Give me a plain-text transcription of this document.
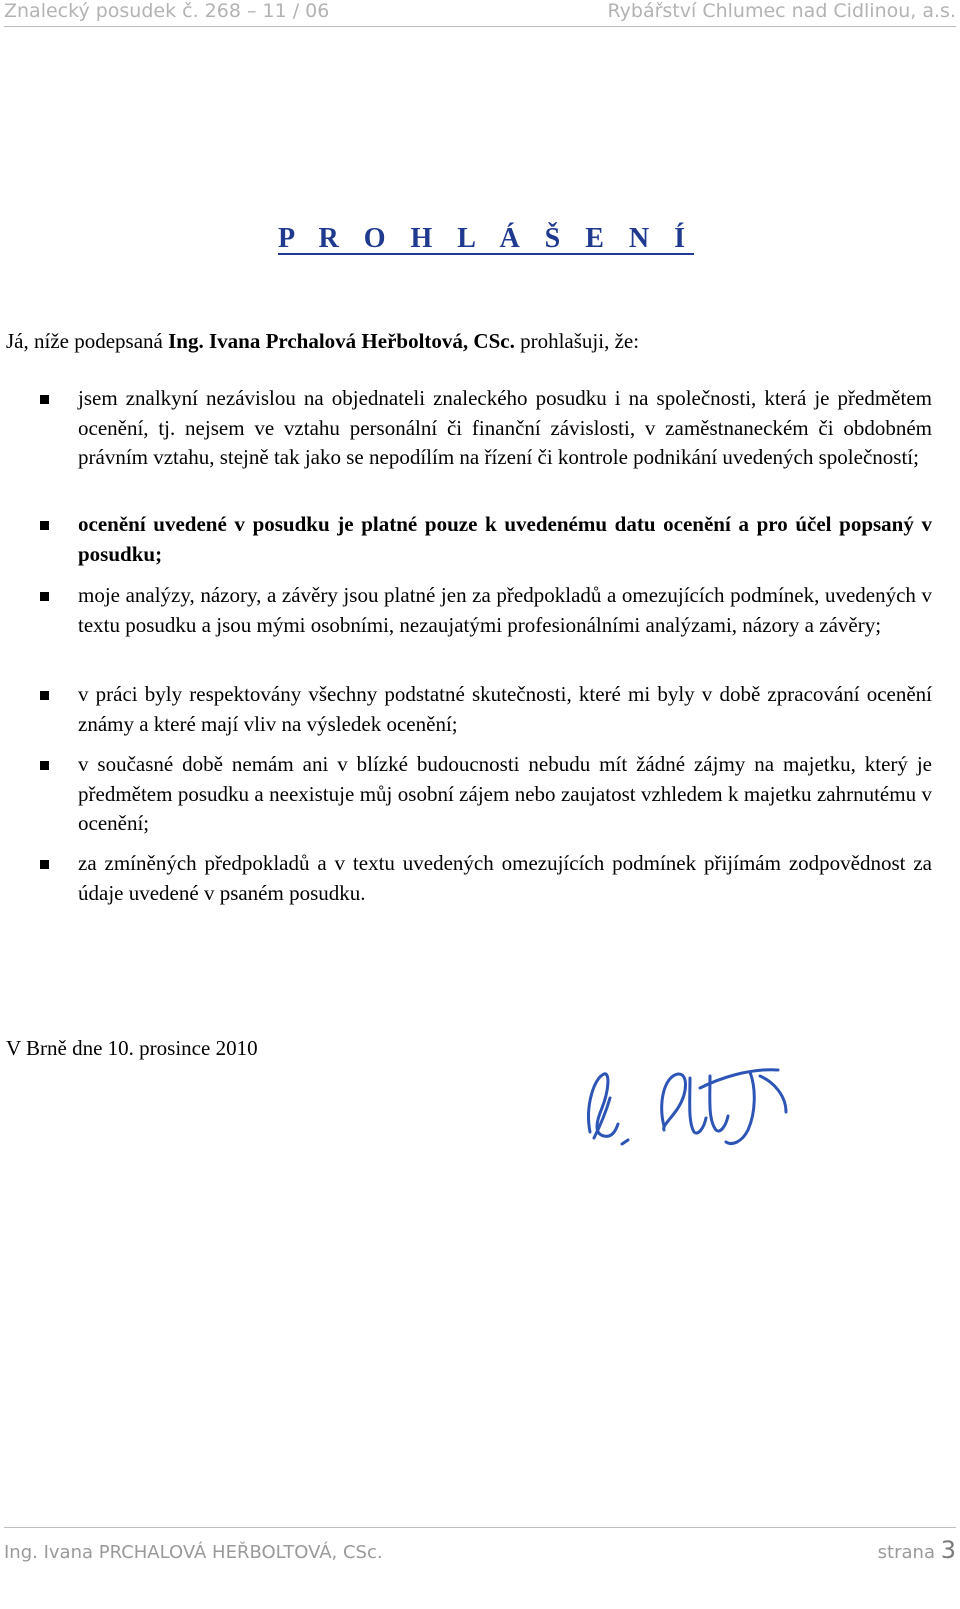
Znalecký posudek č. 268 – 11 / 06	Rybářství Chlumec nad Cidlinou, a.s.
P R O H L Á Š E N Í
Já, níže podepsaná Ing. Ivana Prchalová Heřboltová, CSc. prohlašuji, že:
jsem znalkyní nezávislou na objednateli znaleckého posudku i na společnosti, která je předmětem ocenění, tj. nejsem ve vztahu personální či finanční závislosti, v zaměstnaneckém či obdobném právním vztahu, stejně tak jako se nepodílím na řízení či kontrole podnikání uvedených společností;
ocenění uvedené v posudku je platné pouze k uvedenému datu ocenění a pro účel popsaný v posudku;
moje analýzy, názory, a závěry jsou platné jen za předpokladů a omezujících podmínek, uvedených v textu posudku a jsou mými osobními, nezaujatými profesionálními analýzami, názory a závěry;
v práci byly respektovány všechny podstatné skutečnosti, které mi byly v době zpracování ocenění známy a které mají vliv na výsledek ocenění;
v současné době nemám ani v blízké budoucnosti nebudu mít žádné zájmy na majetku, který je předmětem posudku a neexistuje můj osobní zájem nebo zaujatost vzhledem k majetku zahrnutému v ocenění;
za zmíněných předpokladů a v textu uvedených omezujících podmínek přijímám zodpovědnost za údaje uvedené v psaném posudku.
V Brně dne 10. prosince 2010
Ing. Ivana PRCHALOVÁ HEŘBOLTOVÁ, CSc.	strana 3
